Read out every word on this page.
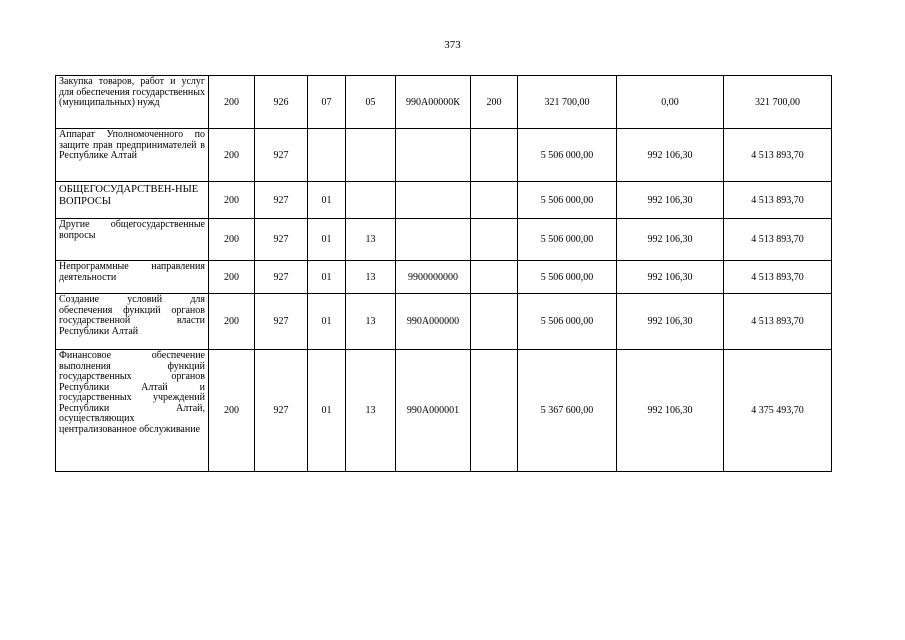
373
Закупка товаров, работ и услуг для обеспечения государственных (муниципальных) нужд	200	926	07	05	990А00000К	200	321 700,00	0,00	321 700,00
Аппарат Уполномоченного по защите прав предпринимателей в Республике Алтай	200	927					5 506 000,00	992 106,30	4 513 893,70
ОБЩЕГОСУДАРСТВЕН-НЫЕ ВОПРОСЫ	200	927	01				5 506 000,00	992 106,30	4 513 893,70
Другие общегосударственные вопросы	200	927	01	13			5 506 000,00	992 106,30	4 513 893,70
Непрограммные направления деятельности	200	927	01	13	9900000000		5 506 000,00	992 106,30	4 513 893,70
Создание условий для обеспечения функций органов государственной власти Республики Алтай	200	927	01	13	990А000000		5 506 000,00	992 106,30	4 513 893,70
Финансовое обеспечение выполнения функций государственных органов Республики Алтай и государственных учреждений Республики Алтай, осуществляющих централизованное обслуживание	200	927	01	13	990А000001		5 367 600,00	992 106,30	4 375 493,70
